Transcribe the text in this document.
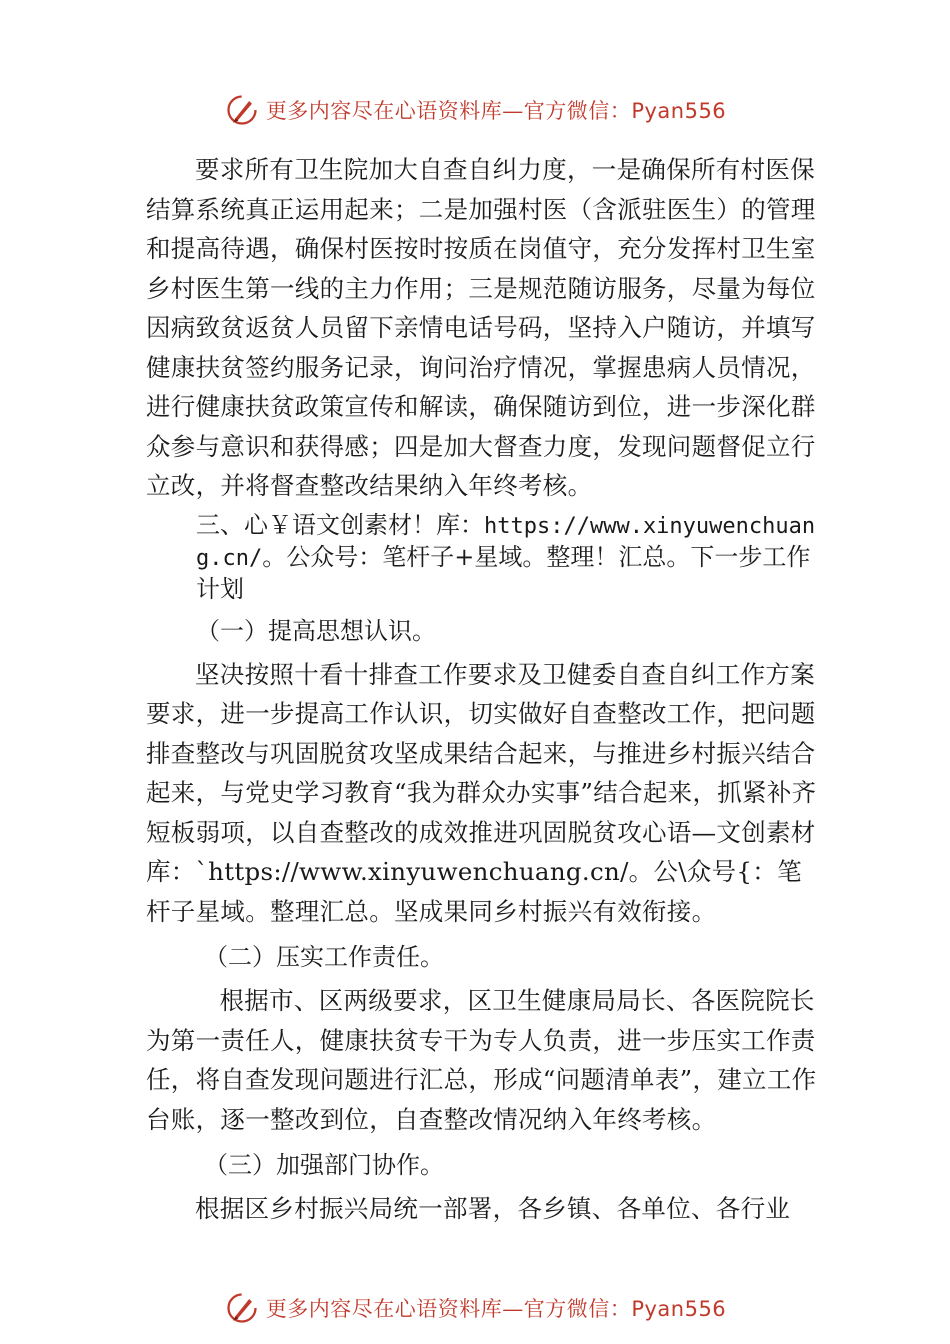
更多内容尽在心语资料库—官方微信：Pyan556

要求所有卫生院加大自查自纠力度，一是确保所有村医保结算系统真正运用起来；二是加强村医（含派驻医生）的管理和提高待遇，确保村医按时按质在岗值守，充分发挥村卫生室乡村医生第一线的主力作用；三是规范随访服务，尽量为每位因病致贫返贫人员留下亲情电话号码，坚持入户随访，并填写健康扶贫签约服务记录，询问治疗情况，掌握患病人员情况，进行健康扶贫政策宣传和解读，确保随访到位，进一步深化群众参与意识和获得感；四是加大督查力度，发现问题督促立行立改，并将督查整改结果纳入年终考核。

三、心￥语文创素材！库：https://www.xinyuwenchuang.cn/。公众号：笔杆子+星域。整理！汇总。下一步工作计划

（一）提高思想认识。

坚决按照十看十排查工作要求及卫健委自查自纠工作方案要求，进一步提高工作认识，切实做好自查整改工作，把问题排查整改与巩固脱贫攻坚成果结合起来，与推进乡村振兴结合起来，与党史学习教育“我为群众办实事”结合起来，抓紧补齐短板弱项，以自查整改的成效推进巩固脱贫攻心语—文创素材库：`https://www.xinyuwenchuang.cn/。公\众号{：笔杆子星域。整理汇总。坚成果同乡村振兴有效衔接。

（二）压实工作责任。

根据市、区两级要求，区卫生健康局局长、各医院院长为第一责任人，健康扶贫专干为专人负责，进一步压实工作责任，将自查发现问题进行汇总，形成“问题清单表”，建立工作台账，逐一整改到位，自查整改情况纳入年终考核。

（三）加强部门协作。

根据区乡村振兴局统一部署，各乡镇、各单位、各行业

更多内容尽在心语资料库—官方微信：Pyan556
